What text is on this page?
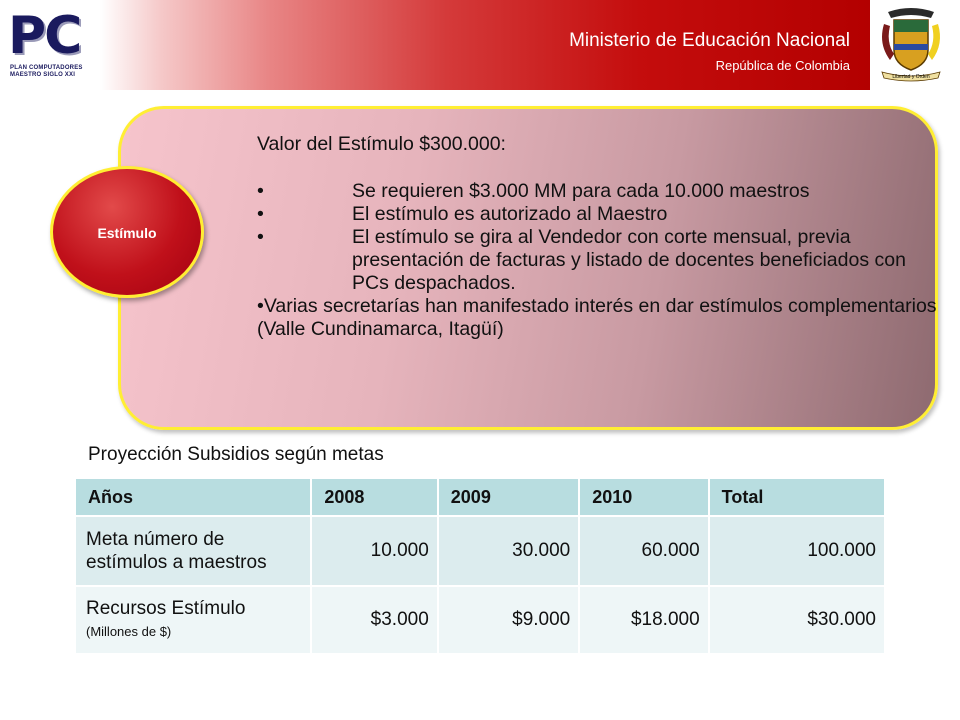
PC
PLAN COMPUTADORES
MAESTRO SIGLO XXI
Ministerio de Educación Nacional
República de Colombia
Libertad y Orden
Estímulo
Valor del Estímulo $300.000:
•	Se requieren $3.000 MM para cada 10.000 maestros
•	El estímulo es autorizado al Maestro
•	El estímulo se gira al Vendedor con corte mensual, previa presentación de facturas y listado de docentes beneficiados con PCs despachados.
•Varias secretarías han manifestado interés en dar estímulos complementarios (Valle Cundinamarca, Itagüí)
Proyección Subsidios según metas
Años	2008	2009	2010	Total
Meta número de estímulos a maestros	10.000	30.000	60.000	100.000

Recursos Estímulo
(Millones de $)	$3.000	$9.000	$18.000	$30.000
